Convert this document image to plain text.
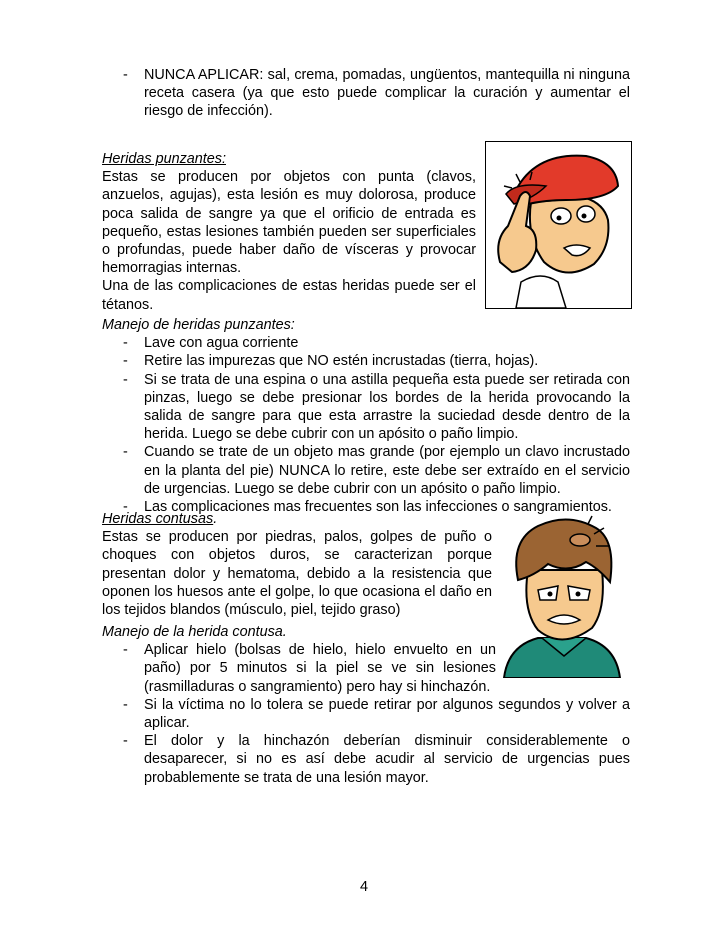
- NUNCA APLICAR: sal, crema, pomadas, ungüentos, mantequilla ni ninguna receta casera (ya que esto puede complicar la curación y aumentar el riesgo de infección).
Heridas punzantes:
Estas se producen por objetos con punta (clavos, anzuelos, agujas), esta lesión es muy dolorosa, produce poca salida de sangre ya que el orificio de entrada es pequeño, estas lesiones también pueden ser superficiales o profundas, puede haber daño de vísceras y provocar hemorragias internas.
Una de las complicaciones de estas heridas puede ser el tétanos.
Manejo de heridas punzantes:
- Lave con agua corriente
- Retire las impurezas que NO estén incrustadas (tierra, hojas).
- Si se trata de una espina o una astilla pequeña esta puede ser retirada con pinzas, luego se debe presionar los bordes de la herida provocando la salida de sangre para que esta arrastre la suciedad desde dentro de la herida. Luego se debe cubrir con un apósito o paño limpio.
- Cuando se trate de un objeto mas grande (por ejemplo un clavo incrustado en la planta del pie) NUNCA lo retire, este debe ser extraído en el servicio de urgencias. Luego se debe cubrir con un apósito o paño limpio.
- Las complicaciones mas frecuentes son las infecciones o sangramientos.
Heridas contusas.
Estas se producen por piedras, palos, golpes de puño o choques con objetos duros, se caracterizan porque presentan dolor y hematoma, debido a la resistencia que oponen los huesos ante el golpe, lo que ocasiona el daño en los tejidos blandos (músculo, piel, tejido graso)
Manejo de la herida contusa.
- Aplicar hielo (bolsas de hielo, hielo envuelto en un paño) por 5 minutos si la piel se ve sin lesiones (rasmilladuras o sangramiento) pero hay si hinchazón.
- Si la víctima no lo tolera se puede retirar por algunos segundos y volver a aplicar.
- El dolor y la hinchazón deberían disminuir considerablemente o desaparecer, si no es así debe acudir al servicio de urgencias pues probablemente se trata de una lesión mayor.
4
